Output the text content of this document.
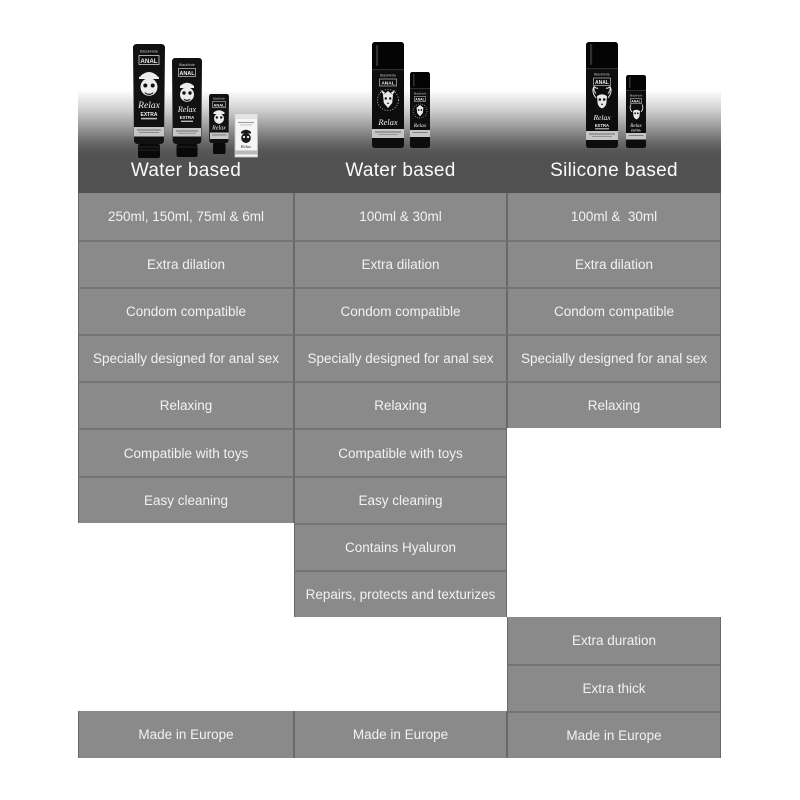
BlackHole
ANAL
Relax
EXTRA
BlackHole
ANAL
Relax
EXTRA
BlackHole
ANAL
Relax
Relax
BlackHole
ANAL
Relax
BlackHole
ANAL
Relax
BlackHole
ANAL
Relax
EXTRA
BlackHole
ANAL
Relax
EXTRA
Water based	Water based	Silicone based
250ml, 150ml, 75ml & 6ml
Extra dilation
Condom compatible
Specially designed for anal sex
Relaxing
Compatible with toys
Easy cleaning
Made in Europe
100ml & 30ml
Extra dilation
Condom compatible
Specially designed for anal sex
Relaxing
Compatible with toys
Easy cleaning
Contains Hyaluron
Repairs, protects and texturizes
Made in Europe
100ml &  30ml
Extra dilation
Condom compatible
Specially designed for anal sex
Relaxing
Extra duration
Extra thick
Made in Europe
